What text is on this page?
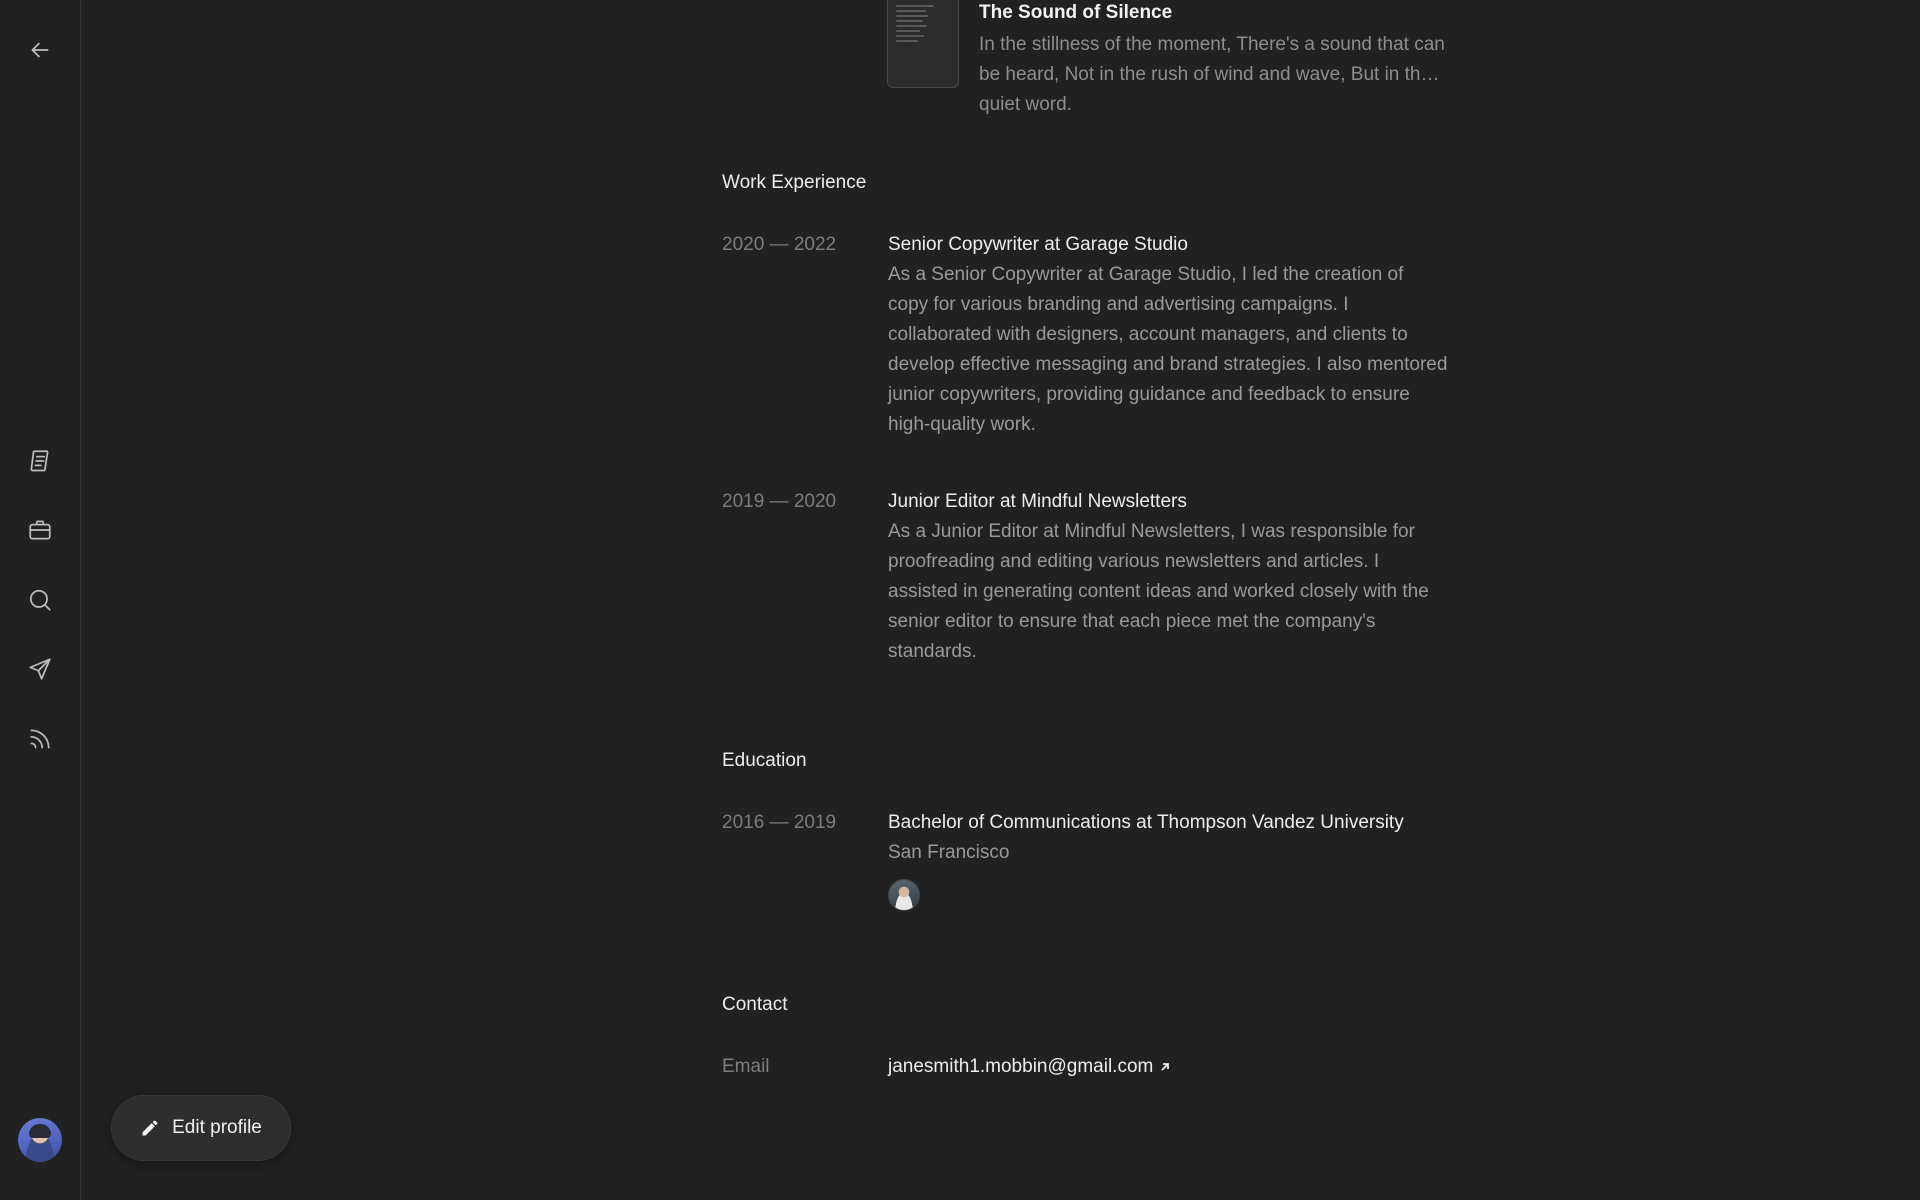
The Sound of Silence
In the stillness of the moment, There's a sound that can be heard, Not in the rush of wind and wave, But in the quiet word.
Work Experience
2020 — 2022	Senior Copywriter at Garage Studio
As a Senior Copywriter at Garage Studio, I led the creation of copy for various branding and advertising campaigns. I collaborated with designers, account managers, and clients to develop effective messaging and brand strategies. I also mentored junior copywriters, providing guidance and feedback to ensure high-quality work.
2019 — 2020	Junior Editor at Mindful Newsletters
As a Junior Editor at Mindful Newsletters, I was responsible for proofreading and editing various newsletters and articles. I assisted in generating content ideas and worked closely with the senior editor to ensure that each piece met the company's standards.
Education
2016 — 2019	Bachelor of Communications at Thompson Vandez University
San Francisco
Contact
Email	janesmith1.mobbin@gmail.com
Edit profile
